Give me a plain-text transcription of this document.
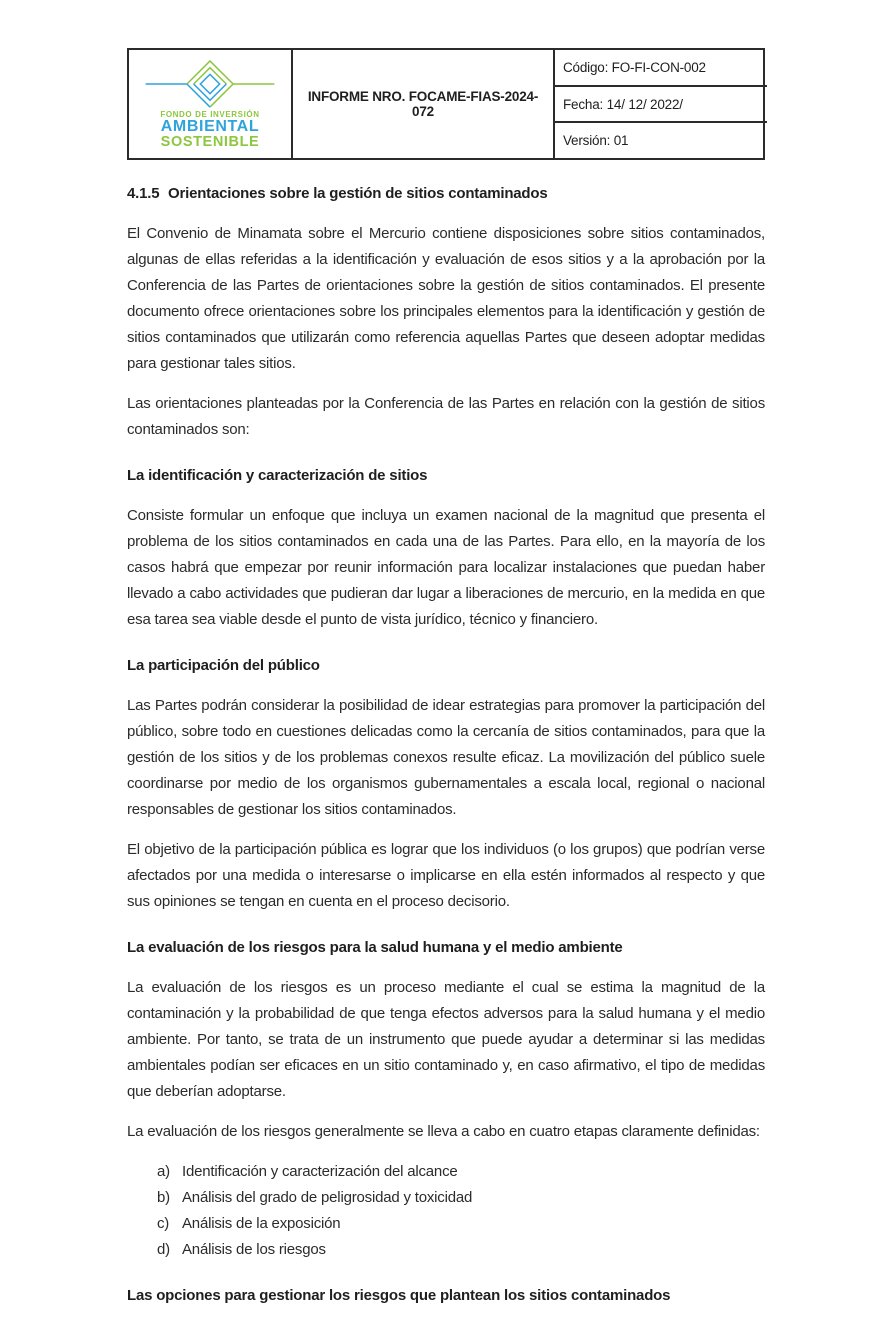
FONDO DE INVERSIÓN
AMBIENTAL
SOSTENIBLE
INFORME NRO. FOCAME-FIAS-2024-072
Código: FO-FI-CON-002
Fecha: 14/ 12/ 2022/
Versión: 01
4.1.5 Orientaciones sobre la gestión de sitios contaminados

El Convenio de Minamata sobre el Mercurio contiene disposiciones sobre sitios contaminados, algunas de ellas referidas a la identificación y evaluación de esos sitios y a la aprobación por la Conferencia de las Partes de orientaciones sobre la gestión de sitios contaminados. El presente documento ofrece orientaciones sobre los principales elementos para la identificación y gestión de sitios contaminados que utilizarán como referencia aquellas Partes que deseen adoptar medidas para gestionar tales sitios.

Las orientaciones planteadas por la Conferencia de las Partes en relación con la gestión de sitios contaminados son:

La identificación y caracterización de sitios

Consiste formular un enfoque que incluya un examen nacional de la magnitud que presenta el problema de los sitios contaminados en cada una de las Partes. Para ello, en la mayoría de los casos habrá que empezar por reunir información para localizar instalaciones que puedan haber llevado a cabo actividades que pudieran dar lugar a liberaciones de mercurio, en la medida en que esa tarea sea viable desde el punto de vista jurídico, técnico y financiero.

La participación del público

Las Partes podrán considerar la posibilidad de idear estrategias para promover la participación del público, sobre todo en cuestiones delicadas como la cercanía de sitios contaminados, para que la gestión de los sitios y de los problemas conexos resulte eficaz. La movilización del público suele coordinarse por medio de los organismos gubernamentales a escala local, regional o nacional responsables de gestionar los sitios contaminados.

El objetivo de la participación pública es lograr que los individuos (o los grupos) que podrían verse afectados por una medida o interesarse o implicarse en ella estén informados al respecto y que sus opiniones se tengan en cuenta en el proceso decisorio.

La evaluación de los riesgos para la salud humana y el medio ambiente

La evaluación de los riesgos es un proceso mediante el cual se estima la magnitud de la contaminación y la probabilidad de que tenga efectos adversos para la salud humana y el medio ambiente. Por tanto, se trata de un instrumento que puede ayudar a determinar si las medidas ambientales podían ser eficaces en un sitio contaminado y, en caso afirmativo, el tipo de medidas que deberían adoptarse.

La evaluación de los riesgos generalmente se lleva a cabo en cuatro etapas claramente definidas:

a) Identificación y caracterización del alcance
b) Análisis del grado de peligrosidad y toxicidad
c) Análisis de la exposición
d) Análisis de los riesgos
Las opciones para gestionar los riesgos que plantean los sitios contaminados
